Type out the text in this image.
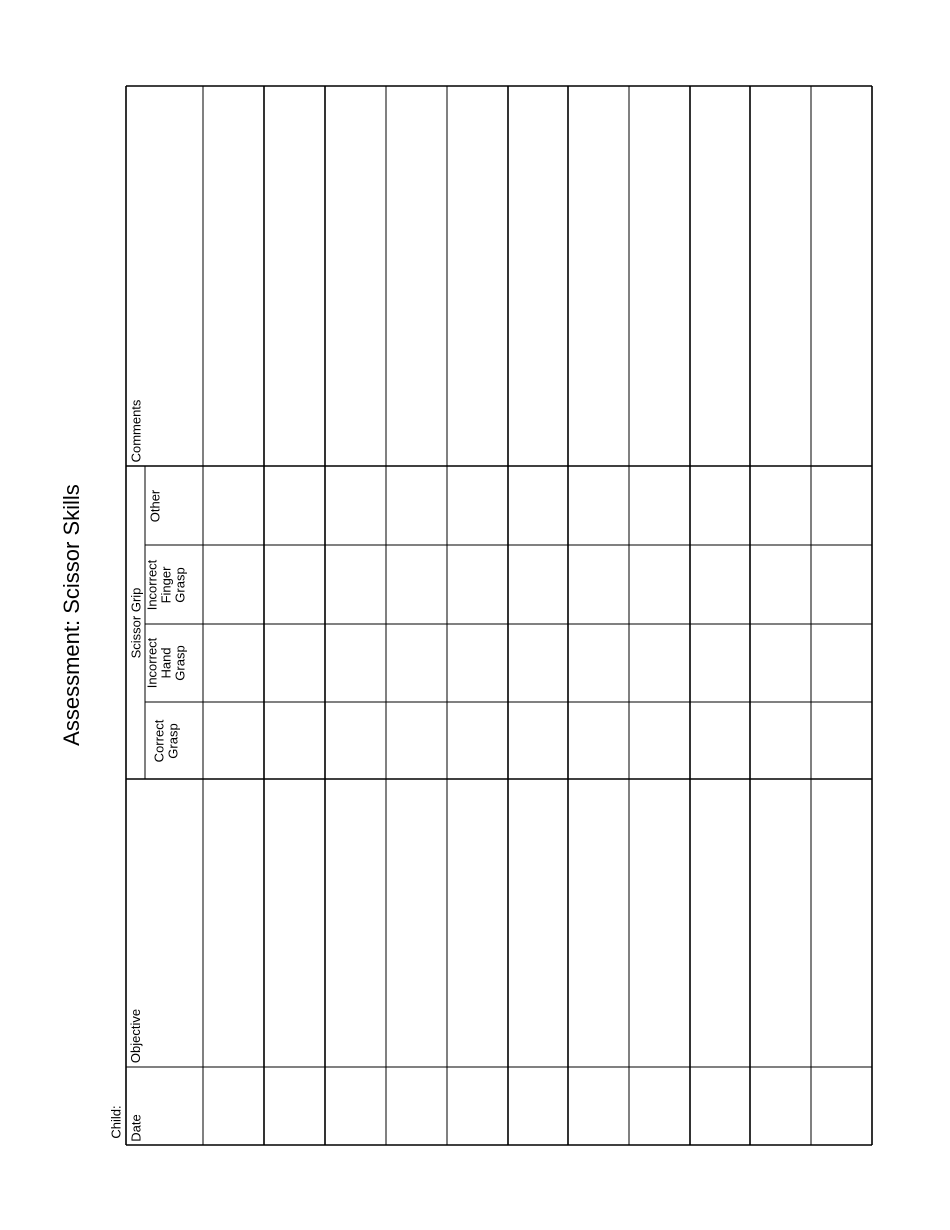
Assessment: Scissor Skills
Child: Date
Objective
Scissor Grip
Correct
Grasp
Incorrect
Hand
Grasp
Incorrect
Finger
Grasp
Other
Comments
